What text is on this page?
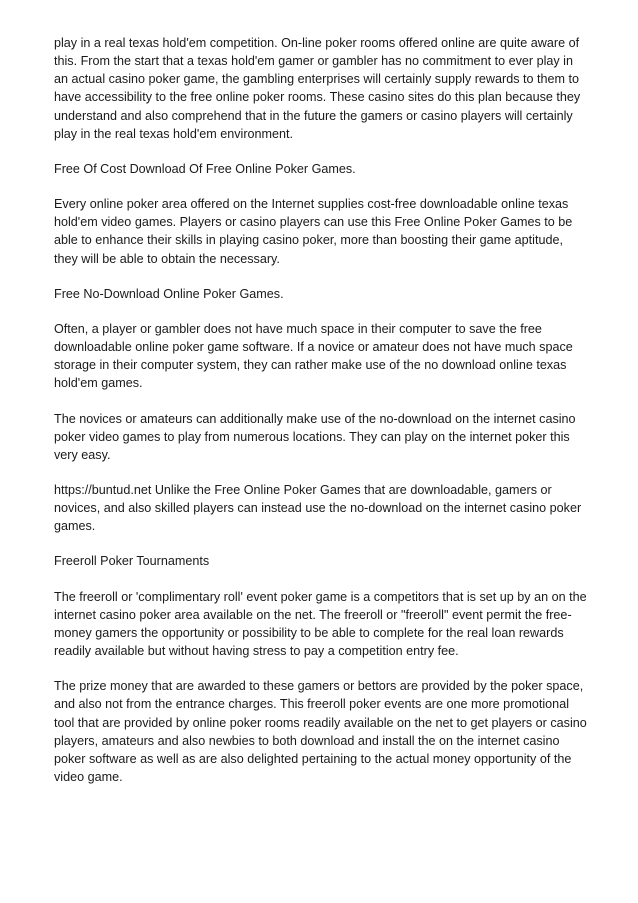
play in a real texas hold'em competition. On-line poker rooms offered online are quite aware of this. From the start that a texas hold'em gamer or gambler has no commitment to ever play in an actual casino poker game, the gambling enterprises will certainly supply rewards to them to have accessibility to the free online poker rooms. These casino sites do this plan because they understand and also comprehend that in the future the gamers or casino players will certainly play in the real texas hold'em environment.

Free Of Cost Download Of Free Online Poker Games.

Every online poker area offered on the Internet supplies cost-free downloadable online texas hold'em video games. Players or casino players can use this Free Online Poker Games to be able to enhance their skills in playing casino poker, more than boosting their game aptitude, they will be able to obtain the necessary.

Free No-Download Online Poker Games.

Often, a player or gambler does not have much space in their computer to save the free downloadable online poker game software. If a novice or amateur does not have much space storage in their computer system, they can rather make use of the no download online texas hold'em games.

The novices or amateurs can additionally make use of the no-download on the internet casino poker video games to play from numerous locations. They can play on the internet poker this very easy.

https://buntud.net Unlike the Free Online Poker Games that are downloadable, gamers or novices, and also skilled players can instead use the no-download on the internet casino poker games.

Freeroll Poker Tournaments

The freeroll or 'complimentary roll' event poker game is a competitors that is set up by an on the internet casino poker area available on the net. The freeroll or "freeroll" event permit the free-money gamers the opportunity or possibility to be able to complete for the real loan rewards readily available but without having stress to pay a competition entry fee.

The prize money that are awarded to these gamers or bettors are provided by the poker space, and also not from the entrance charges. This freeroll poker events are one more promotional tool that are provided by online poker rooms readily available on the net to get players or casino players, amateurs and also newbies to both download and install the on the internet casino poker software as well as are also delighted pertaining to the actual money opportunity of the video game.
